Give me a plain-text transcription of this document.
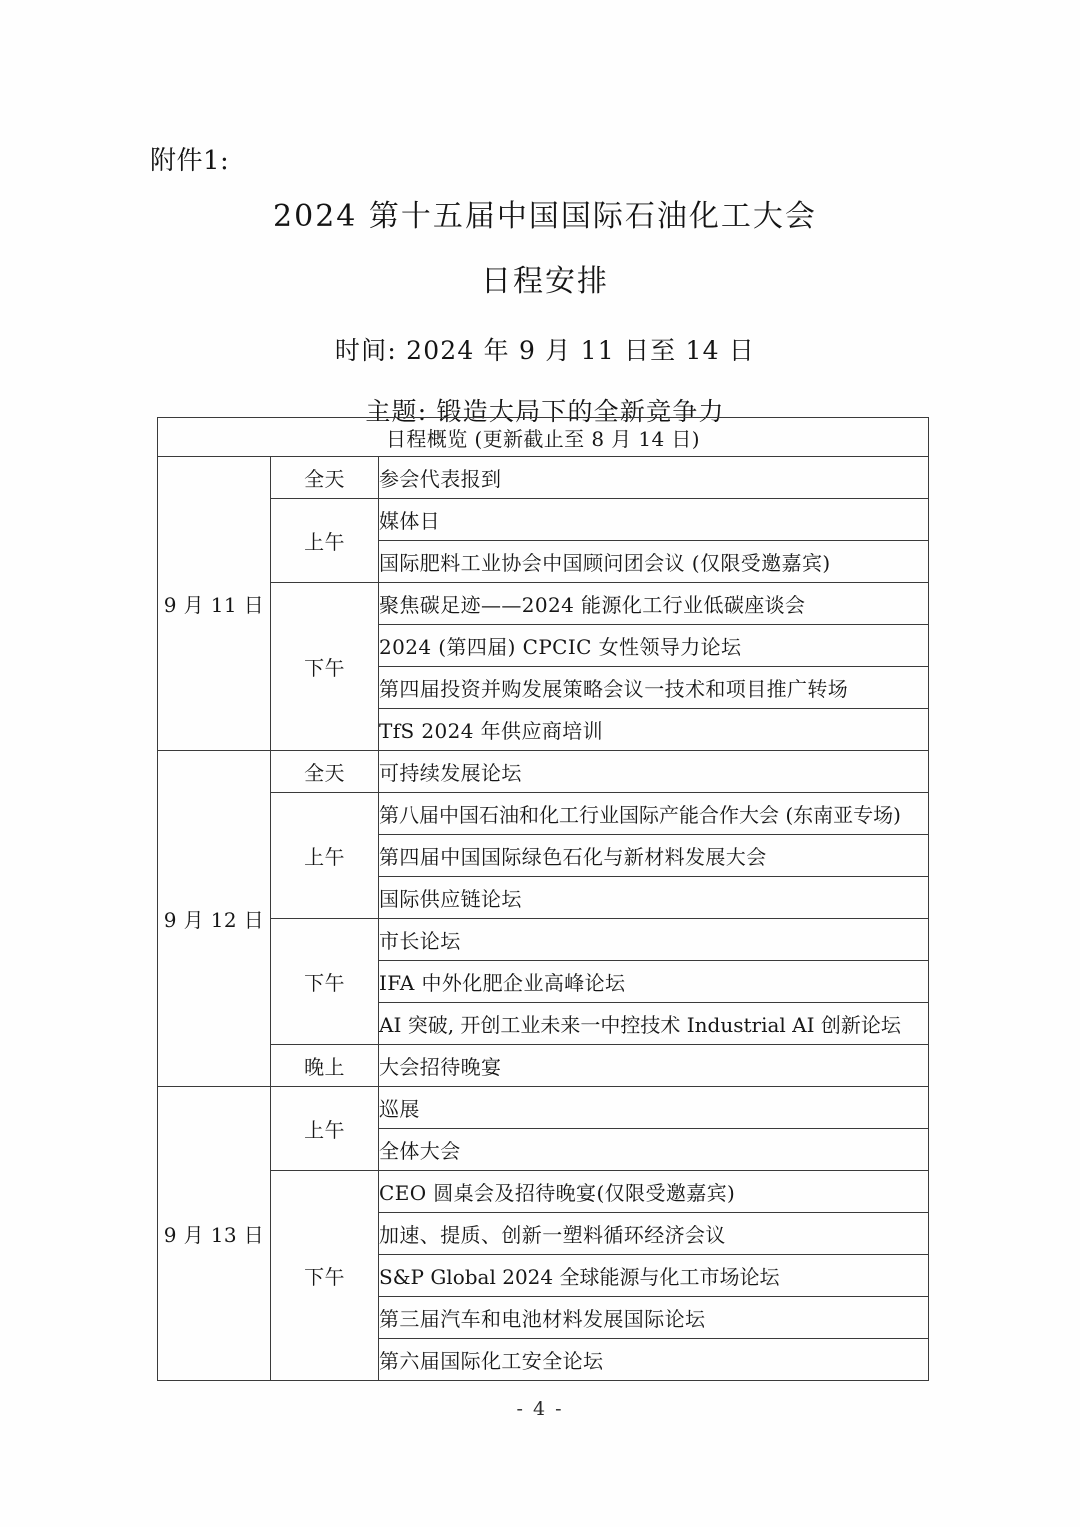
附件1:
2024 第十五届中国国际石油化工大会
日程安排
时间: 2024 年 9 月 11 日至 14 日
主题: 锻造大局下的全新竞争力
日程概览 (更新截止至 8 月 14 日)		
9 月 11 日	全天	参会代表报到
	上午	媒体日
		国际肥料工业协会中国顾问团会议 (仅限受邀嘉宾)
	下午	聚焦碳足迹——2024 能源化工行业低碳座谈会
		2024 (第四届) CPCIC 女性领导力论坛
		第四届投资并购发展策略会议一技术和项目推广转场
		TfS 2024 年供应商培训
9 月 12 日	全天	可持续发展论坛
	上午	第八届中国石油和化工行业国际产能合作大会 (东南亚专场)
		第四届中国国际绿色石化与新材料发展大会
		国际供应链论坛
	下午	市长论坛
		IFA 中外化肥企业高峰论坛
		AI 突破, 开创工业未来一中控技术 Industrial AI 创新论坛
	晚上	大会招待晚宴
9 月 13 日	上午	巡展
		全体大会
	下午	CEO 圆桌会及招待晚宴(仅限受邀嘉宾)
		加速、提质、创新一塑料循环经济会议
		S&P Global 2024 全球能源与化工市场论坛
		第三届汽车和电池材料发展国际论坛
		第六届国际化工安全论坛
- 4 -
